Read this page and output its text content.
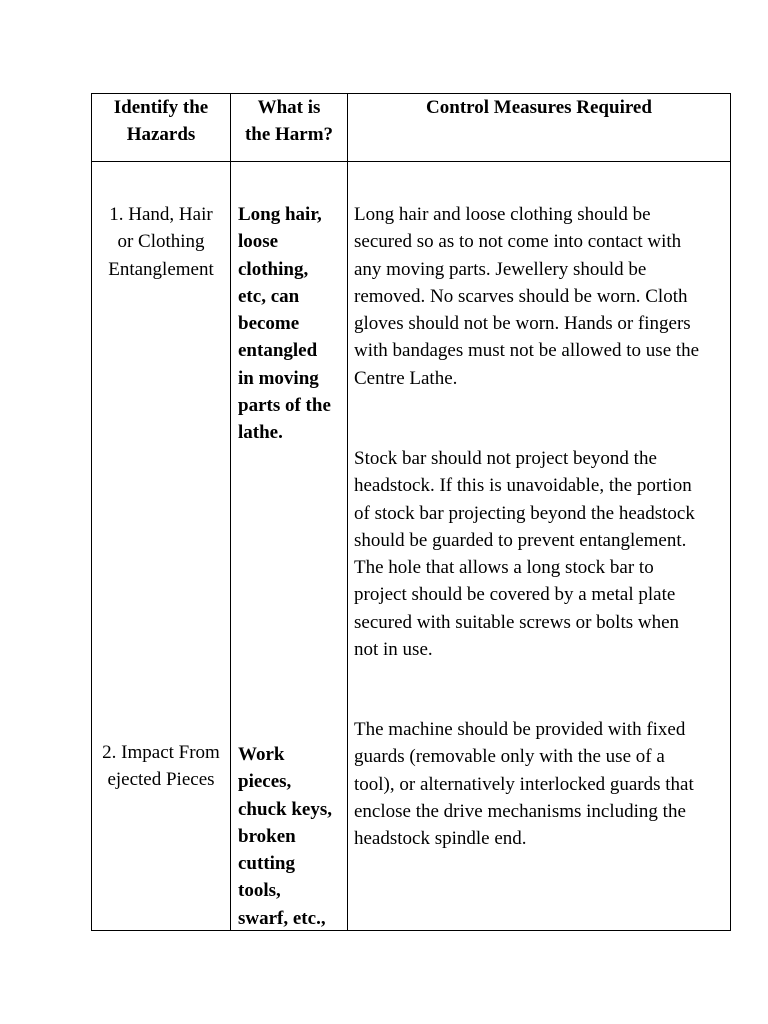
Identify the
Hazards
What is
the Harm?
Control Measures Required
1. Hand, Hair
or Clothing
Entanglement
Long hair,
loose
clothing,
etc, can
become
entangled
in moving
parts of the
lathe.
Long hair and loose clothing should be
secured so as to not come into contact with
any moving parts. Jewellery should be
removed. No scarves should be worn. Cloth
gloves should not be worn. Hands or fingers
with bandages must not be allowed to use the
Centre Lathe.
Stock bar should not project beyond the
headstock. If this is unavoidable, the portion
of stock bar projecting beyond the headstock
should be guarded to prevent entanglement.
The hole that allows a long stock bar to
project should be covered by a metal plate
secured with suitable screws or bolts when
not in use.
2. Impact From
ejected Pieces
Work
pieces,
chuck keys,
broken
cutting
tools,
swarf, etc.,
The machine should be provided with fixed
guards (removable only with the use of a
tool), or alternatively interlocked guards that
enclose the drive mechanisms including the
headstock spindle end.
